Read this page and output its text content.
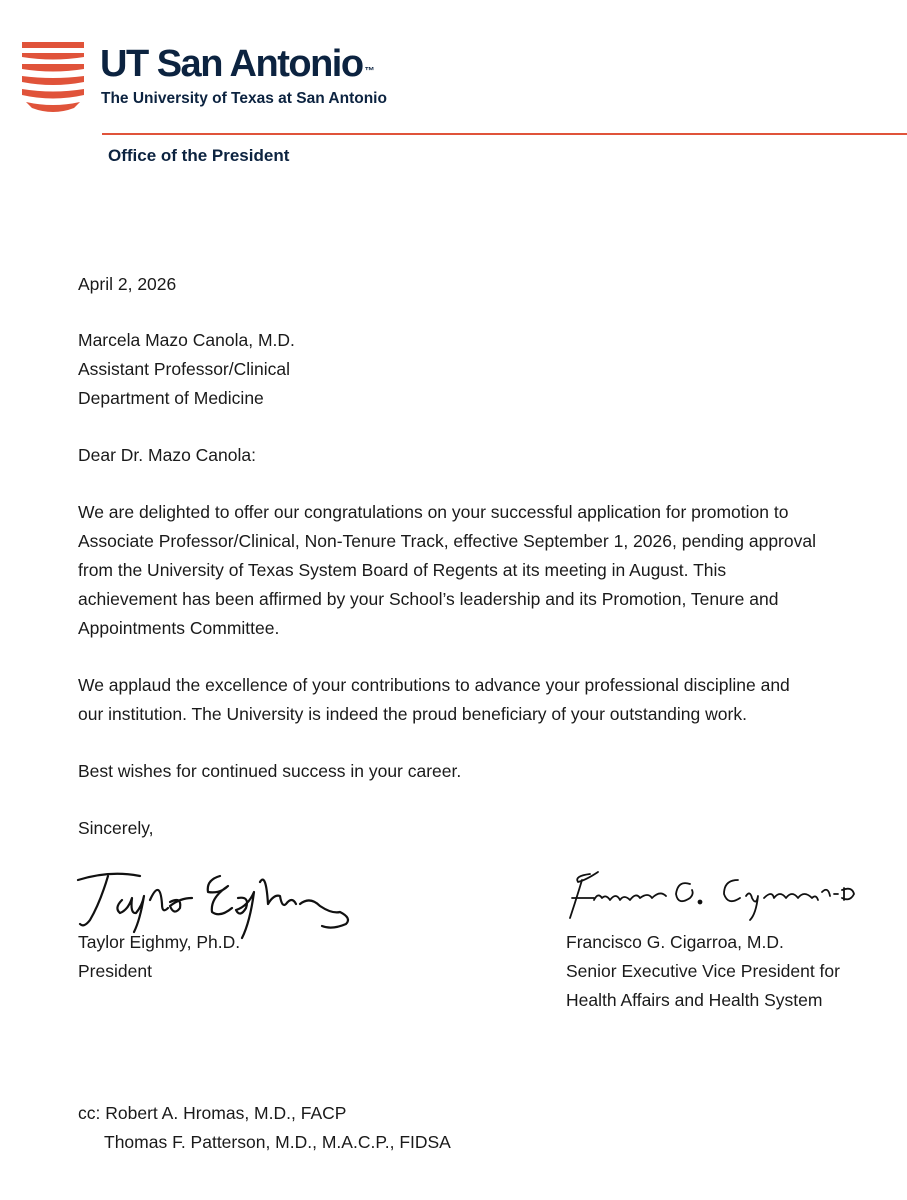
UT San Antonio ™
The University of Texas at San Antonio
Office of the President
April 2, 2026
Marcela Mazo Canola, M.D.
Assistant Professor/Clinical
Department of Medicine
Dear Dr. Mazo Canola:
We are delighted to offer our congratulations on your successful application for promotion to
Associate Professor/Clinical, Non-Tenure Track, effective September 1, 2026, pending approval
from the University of Texas System Board of Regents at its meeting in August. This
achievement has been affirmed by your School’s leadership and its Promotion, Tenure and
Appointments Committee.
We applaud the excellence of your contributions to advance your professional discipline and
our institution. The University is indeed the proud beneficiary of your outstanding work.
Best wishes for continued success in your career.
Sincerely,
Taylor Eighmy, Ph.D.
President
Francisco G. Cigarroa, M.D.
Senior Executive Vice President for
Health Affairs and Health System
cc: Robert A. Hromas, M.D., FACP
Thomas F. Patterson, M.D., M.A.C.P., FIDSA
